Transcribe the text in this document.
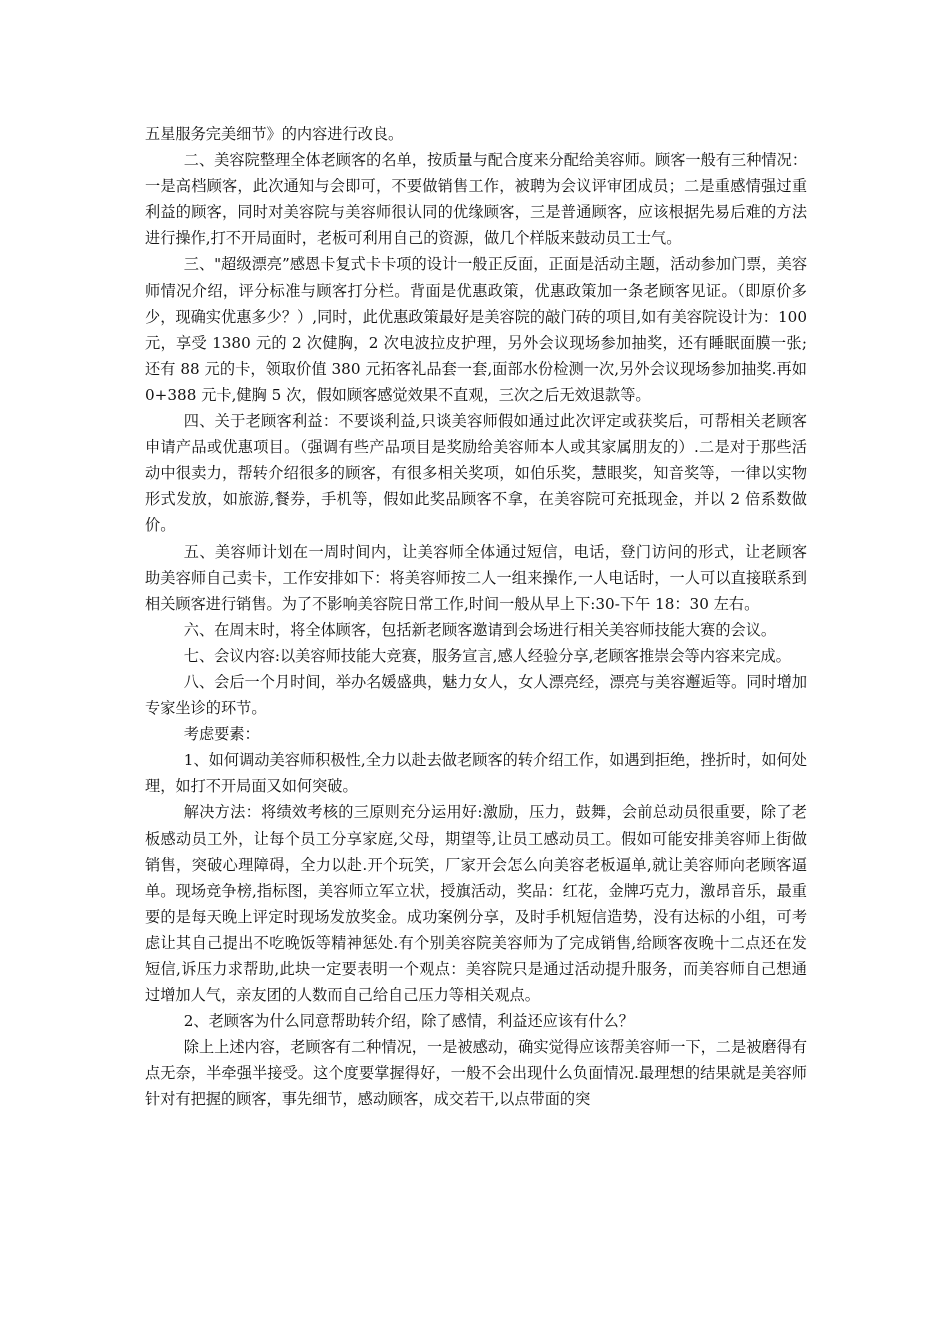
五星服务完美细节》的内容进行改良。

二、美容院整理全体老顾客的名单，按质量与配合度来分配给美容师。顾客一般有三种情况：一是高档顾客，此次通知与会即可，不要做销售工作，被聘为会议评审团成员；二是重感情强过重利益的顾客，同时对美容院与美容师很认同的优缘顾客，三是普通顾客，应该根据先易后难的方法进行操作,打不开局面时，老板可利用自己的资源，做几个样版来鼓动员工士气。

三、"超级漂亮”感恩卡复式卡卡项的设计一般正反面，正面是活动主题，活动参加门票，美容师情况介绍，评分标准与顾客打分栏。背面是优惠政策，优惠政策加一条老顾客见证。（即原价多少，现确实优惠多少？）,同时，此优惠政策最好是美容院的敲门砖的项目,如有美容院设计为：100 元，享受 1380 元的 2 次健胸，2 次电波拉皮护理，另外会议现场参加抽奖，还有睡眠面膜一张;还有 88 元的卡，领取价值 380 元拓客礼品套一套,面部水份检测一次,另外会议现场参加抽奖.再如 0+388 元卡,健胸 5 次，假如顾客感觉效果不直观，三次之后无效退款等。

四、关于老顾客利益：不要谈利益,只谈美容师假如通过此次评定或获奖后，可帮相关老顾客申请产品或优惠项目。（强调有些产品项目是奖励给美容师本人或其家属朋友的）.二是对于那些活动中很卖力，帮转介绍很多的顾客，有很多相关奖项，如伯乐奖，慧眼奖，知音奖等，一律以实物形式发放，如旅游,餐券，手机等，假如此奖品顾客不拿，在美容院可充抵现金，并以 2 倍系数做价。

五、美容师计划在一周时间内，让美容师全体通过短信，电话，登门访问的形式，让老顾客 助美容师自己卖卡，工作安排如下：将美容师按二人一组来操作,一人电话时，一人可以直接联系到相关顾客进行销售。为了不影响美容院日常工作,时间一般从早上下:30-下午 18：30 左右。

六、在周末时，将全体顾客，包括新老顾客邀请到会场进行相关美容师技能大赛的会议。

七、会议内容:以美容师技能大竞赛，服务宣言,感人经验分享,老顾客推崇会等内容来完成。

八、会后一个月时间，举办名媛盛典，魅力女人，女人漂亮经，漂亮与美容邂逅等。同时增加专家坐诊的环节。

考虑要素：

1、如何调动美容师积极性,全力以赴去做老顾客的转介绍工作，如遇到拒绝，挫折时，如何处理，如打不开局面又如何突破。

解决方法：将绩效考核的三原则充分运用好:激励，压力，鼓舞，会前总动员很重要，除了老板感动员工外，让每个员工分享家庭,父母，期望等,让员工感动员工。假如可能安排美容师上街做销售，突破心理障碍，全力以赴.开个玩笑，厂家开会怎么向美容老板逼单,就让美容师向老顾客逼单。现场竞争榜,指标图，美容师立军立状，授旗活动，奖品：红花，金牌巧克力，激昂音乐，最重要的是每天晚上评定时现场发放奖金。成功案例分享，及时手机短信造势，没有达标的小组，可考虑让其自己提出不吃晚饭等精神惩处.有个别美容院美容师为了完成销售,给顾客夜晚十二点还在发短信,诉压力求帮助,此块一定要表明一个观点：美容院只是通过活动提升服务，而美容师自己想通过增加人气，亲友团的人数而自己给自己压力等相关观点。

2、老顾客为什么同意帮助转介绍，除了感情，利益还应该有什么？

除上上述内容，老顾客有二种情况，一是被感动，确实觉得应该帮美容师一下，二是被磨得有点无奈，半牵强半接受。这个度要掌握得好，一般不会出现什么负面情况.最理想的结果就是美容师针对有把握的顾客，事先细节，感动顾客，成交若干,以点带面的突
